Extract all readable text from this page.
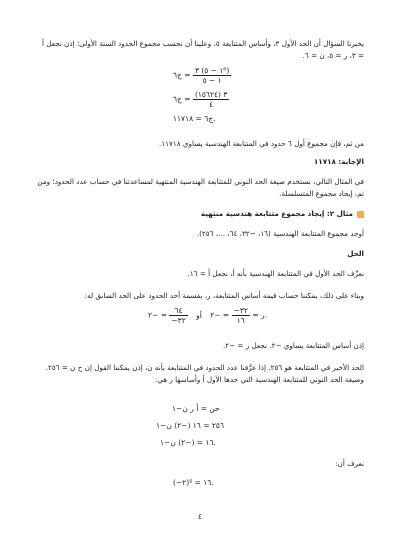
يخبرنا السؤال أن الحد الأول ٣، وأساس المتتابعة ٥، وعلينا أن نحسب مجموع الحدود الستة الأولى؛ إذن نجعل أ = ٣، ر = ٥، ن = ٦.
ج٦ = $\frac{\text{٣ (١ − ٥⁶)}}{١ - ٥}$
ج٦ = $\frac{٣ (١٥٦٢٤)}{٤}$
ج٦ = ١١٧١٨.
من ثم، فإن مجموع أول ٦ حدود في المتتابعة الهندسية يساوي ١١٧١٨.
الإجابة: ١١٧١٨
في المثال التالي، نستخدم صيغة الحد النوني للمتتابعة الهندسية المنتهية لمساعدتنا في حساب عدد الحدود؛ ومن ثم، إيجاد مجموع المتسلسلة.
مثال ٢: إيجاد مجموع متتابعة هندسية منتهية
أوجد مجموع المتتابعة الهندسية (١٦، −٣٢، ٦٤، ...، ٢٥٦).
الحل
نعرِّف الحد الأول في المتتابعة الهندسية بأنه أ، نجعل أ = ١٦.
وبناء على ذلك، يمكننا حساب قيمة أساس المتتابعة، ر، بقسمة أحد الحدود على الحد السابق له:
ر =
$\frac{-٣٢}{١٦}$
= −٢ أو
$\frac{٦٤}{-٣٢}$
= −٢.
إذن أساس المتتابعة يساوي −٢. نجعل ر = −٢.
الحد الأخير في المتتابعة هو ٢٥٦. إذا عرَّفنا عدد الحدود في المتتابعة بأنه ن، إذن يمكننا القول إن ح ن = ٢٥٦. وصيغة الحد النوني للمتتابعة الهندسية التي حدها الأول أ وأساسها ر هي:
حن = أ ر ن−١
٢٥٦ = ١٦ (−٢) ن−١
١٦ = (−٢) ن−١.
نعرف أن:
(−٢)⁴ = ١٦.
٤
